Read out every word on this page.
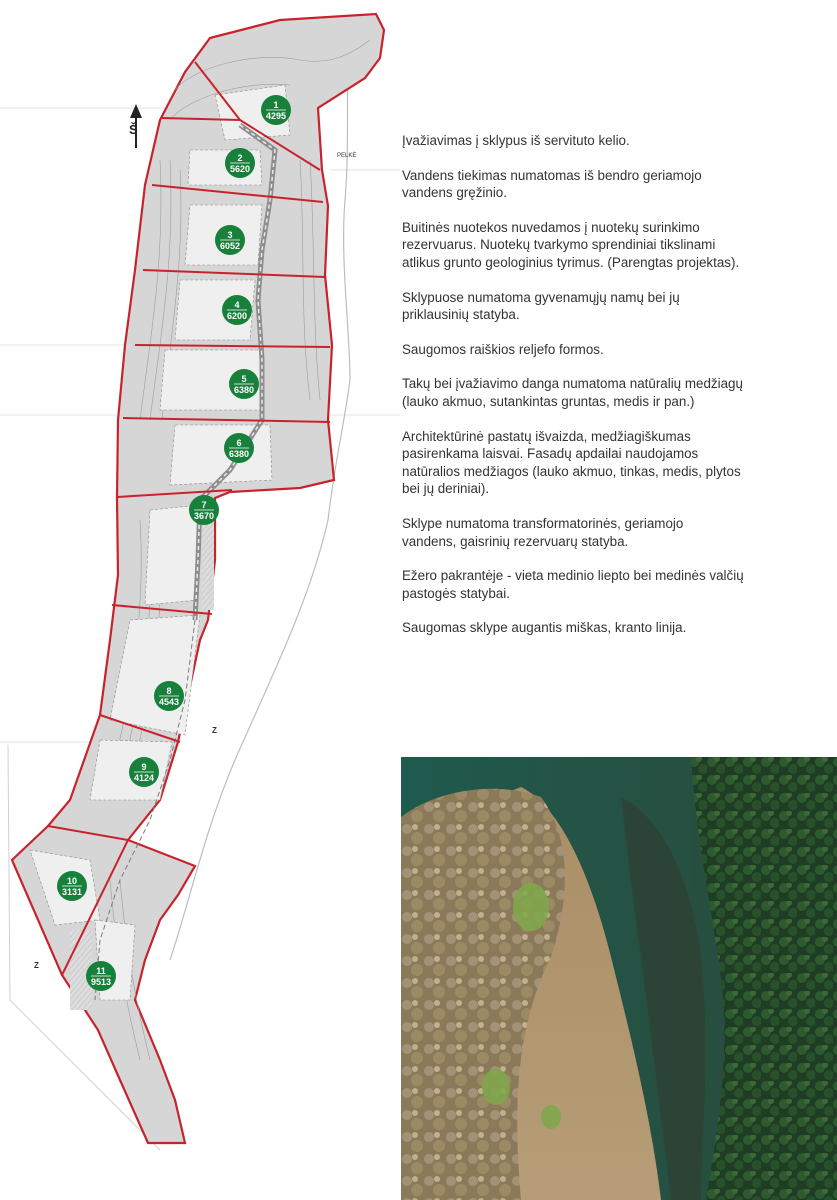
Š
PELKĖ
Z
Z
1
4295
2
5620
3
6052
4
6200
5
6380
6
6380
7
3670
8
4543
9
4124
10
3131
11
9513

Įvažiavimas į sklypus iš servituto kelio.

Vandens tiekimas numatomas iš bendro geriamojo
vandens gręžinio.

Buitinės nuotekos nuvedamos į nuotekų surinkimo
rezervuarus. Nuotekų tvarkymo sprendiniai tikslinami
atlikus grunto geologinius tyrimus. (Parengtas projektas).

Sklypuose numatoma gyvenamųjų namų bei jų
priklausinių statyba.

Saugomos raiškios reljefo formos.

Takų bei įvažiavimo danga numatoma natūralių medžiagų
(lauko akmuo, sutankintas gruntas, medis ir pan.)

Architektūrinė pastatų išvaizda, medžiagiškumas
pasirenkama laisvai. Fasadų apdailai naudojamos
natūralios medžiagos (lauko akmuo, tinkas, medis, plytos
bei jų deriniai).

Sklype numatoma transformatorinės, geriamojo
vandens, gaisrinių rezervuarų statyba.

Ežero pakrantėje - vieta medinio liepto bei medinės valčių
pastogės statybai.

Saugomas sklype augantis miškas, kranto linija.
